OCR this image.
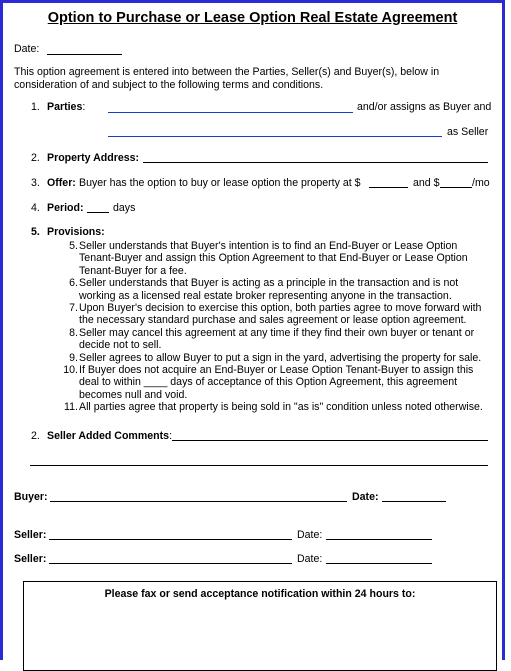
Option to Purchase or Lease Option Real Estate Agreement
Date:
This option agreement is entered into between the Parties, Seller(s) and Buyer(s), below in
consideration of and subject to the following terms and conditions.
1. Parties:	and/or assigns as Buyer and
as Seller
2. Property Address:
3. Offer: Buyer has the option to buy or lease option the property at $	and $	/mo
4. Period:	days
5. Provisions:
5. Seller understands that Buyer's intention is to find an End-Buyer or Lease Option
Tenant-Buyer and assign this Option Agreement to that End-Buyer or Lease Option
Tenant-Buyer for a fee.
6. Seller understands that Buyer is acting as a principle in the transaction and is not
working as a licensed real estate broker representing anyone in the transaction.
7. Upon Buyer's decision to exercise this option, both parties agree to move forward with
the necessary standard purchase and sales agreement or lease option agreement.
8. Seller may cancel this agreement at any time if they find their own buyer or tenant or
decide not to sell.
9. Seller agrees to allow Buyer to put a sign in the yard, advertising the property for sale.
10. If Buyer does not acquire an End-Buyer or Lease Option Tenant-Buyer to assign this
deal to within ____ days of acceptance of this Option Agreement, this agreement
becomes null and void.
11. All parties agree that property is being sold in "as is" condition unless noted otherwise.
2. Seller Added Comments:
Buyer:	Date:
Seller:	Date:
Seller:	Date:
Please fax or send acceptance notification within 24 hours to:
